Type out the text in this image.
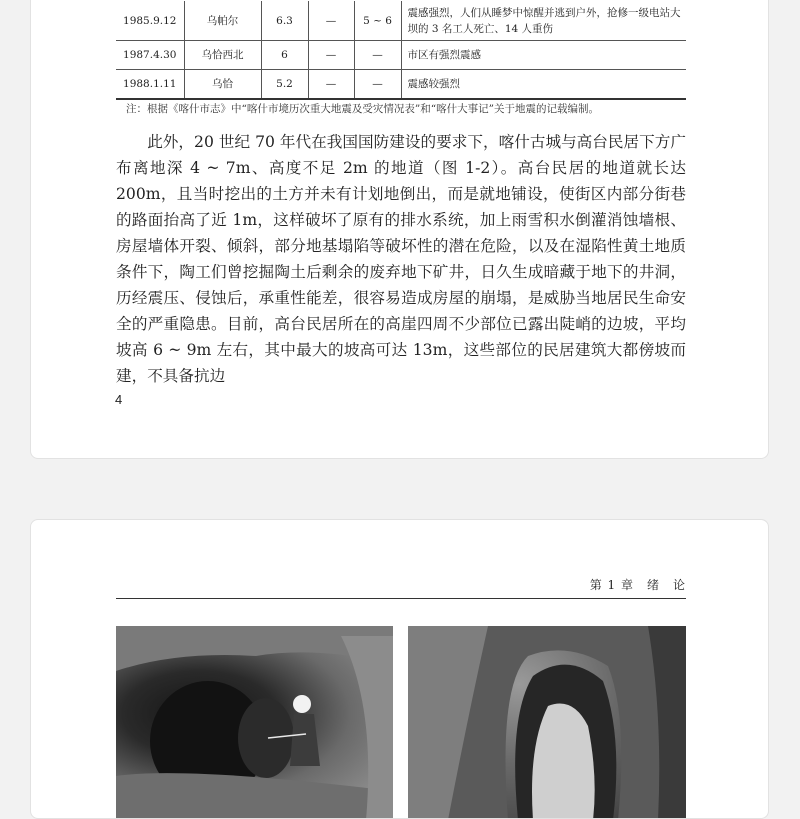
1985.9.12	乌帕尔	6.3	—	5 ~ 6	震感强烈，人们从睡梦中惊醒并逃到户外，抢修一级电站大坝的 3 名工人死亡、14 人重伤
1987.4.30	乌恰西北	6	—	—	市区有强烈震感
1988.1.11	乌恰	5.2	—	—	震感较强烈
注：根据《喀什市志》中“喀什市境历次重大地震及受灾情况表”和“喀什大事记”关于地震的记载编制。

此外，20 世纪 70 年代在我国国防建设的要求下，喀什古城与高台民居下方广布离地深 4 ~ 7m、高度不足 2m 的地道（图 1-2）。高台民居的地道就长达 200m，且当时挖出的土方并未有计划地倒出，而是就地铺设，使街区内部分街巷的路面抬高了近 1m，这样破坏了原有的排水系统，加上雨雪积水倒灌消蚀墙根、房屋墙体开裂、倾斜，部分地基塌陷等破坏性的潜在危险，以及在湿陷性黄土地质条件下，陶工们曾挖掘陶土后剩余的废弃地下矿井，日久生成暗藏于地下的井洞，历经震压、侵蚀后，承重性能差，很容易造成房屋的崩塌，是威胁当地居民生命安全的严重隐患。目前，高台民居所在的高崖四周不少部位已露出陡峭的边坡，平均坡高 6 ~ 9m 左右，其中最大的坡高可达 13m，这些部位的民居建筑大都傍坡而建，不具备抗边

4
第 1 章　绪　论
